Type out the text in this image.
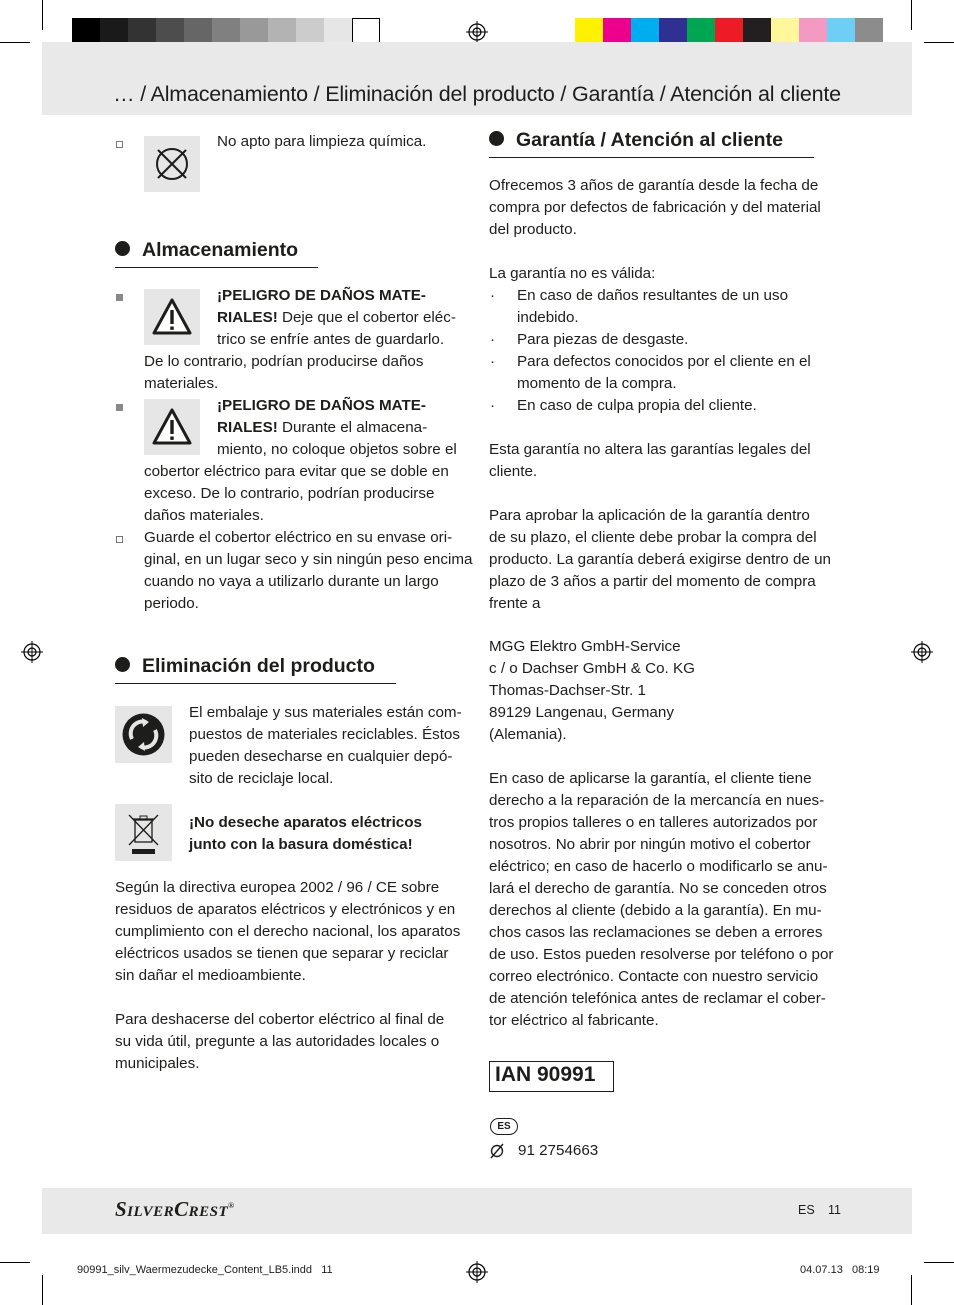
… / Almacenamiento / Eliminación del producto / Garantía / Atención al cliente
No apto para limpieza química.
Almacenamiento
¡PELIGRO DE DAÑOS MATE-
RIALES! Deje que el cobertor eléc-
trico se enfríe antes de guardarlo.
De lo contrario, podrían producirse daños
materiales.
¡PELIGRO DE DAÑOS MATE-
RIALES! Durante el almacena-
miento, no coloque objetos sobre el
cobertor eléctrico para evitar que se doble en
exceso. De lo contrario, podrían producirse
daños materiales.
Guarde el cobertor eléctrico en su envase ori-
ginal, en un lugar seco y sin ningún peso encima
cuando no vaya a utilizarlo durante un largo
periodo.
Eliminación del producto
El embalaje y sus materiales están com-
puestos de materiales reciclables. Éstos
pueden desecharse en cualquier depó-
sito de reciclaje local.
¡No deseche aparatos eléctricos
junto con la basura doméstica!
Según la directiva europea 2002 / 96 / CE sobre
residuos de aparatos eléctricos y electrónicos y en
cumplimiento con el derecho nacional, los aparatos
eléctricos usados se tienen que separar y reciclar
sin dañar el medioambiente.
Para deshacerse del cobertor eléctrico al final de
su vida útil, pregunte a las autoridades locales o
municipales.
Garantía / Atención al cliente
Ofrecemos 3 años de garantía desde la fecha de
compra por defectos de fabricación y del material
del producto.
La garantía no es válida:
· En caso de daños resultantes de un uso
indebido.
· Para piezas de desgaste.
· Para defectos conocidos por el cliente en el
momento de la compra.
· En caso de culpa propia del cliente.
Esta garantía no altera las garantías legales del
cliente.
Para aprobar la aplicación de la garantía dentro
de su plazo, el cliente debe probar la compra del
producto. La garantía deberá exigirse dentro de un
plazo de 3 años a partir del momento de compra
frente a
MGG Elektro GmbH-Service
c / o Dachser GmbH & Co. KG
Thomas-Dachser-Str. 1
89129 Langenau, Germany
(Alemania).
En caso de aplicarse la garantía, el cliente tiene
derecho a la reparación de la mercancía en nues-
tros propios talleres o en talleres autorizados por
nosotros. No abrir por ningún motivo el cobertor
eléctrico; en caso de hacerlo o modificarlo se anu-
lará el derecho de garantía. No se conceden otros
derechos al cliente (debido a la garantía). En mu-
chos casos las reclamaciones se deben a errores
de uso. Estos pueden resolverse por teléfono o por
correo electrónico. Contacte con nuestro servicio
de atención telefónica antes de reclamar el cober-
tor eléctrico al fabricante.
IAN 90991
ES
91 2754663
SilverCrest®	ES 11
90991_silv_Waermezudecke_Content_LB5.indd   11	04.07.13   08:19
